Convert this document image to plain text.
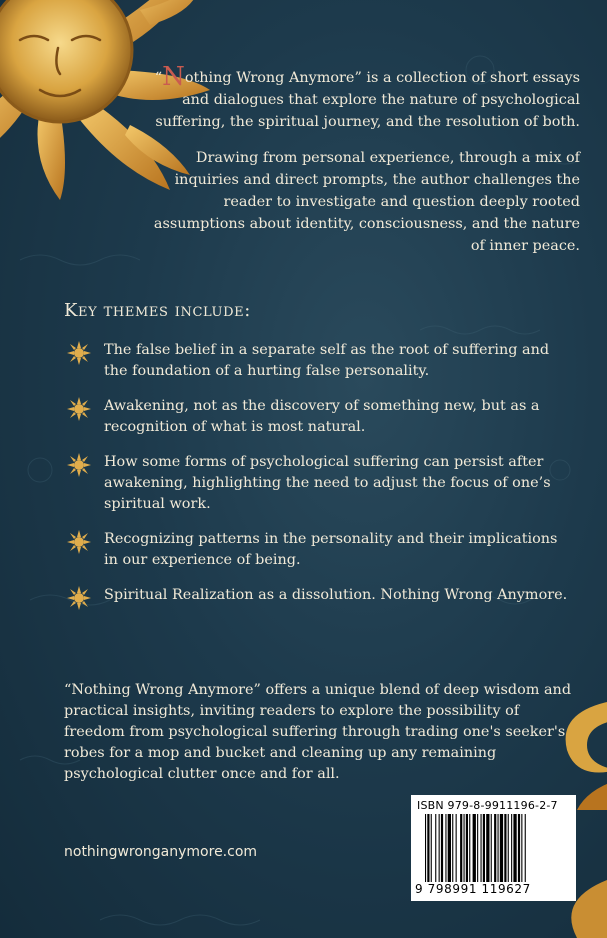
“Nothing Wrong Anymore” is a collection of short essays and dialogues that explore the nature of psychological suffering, the spiritual journey, and the resolution of both.

Drawing from personal experience, through a mix of inquiries and direct prompts, the author challenges the reader to investigate and question deeply rooted assumptions about identity, consciousness, and the nature of inner peace.

Key themes include:
The false belief in a separate self as the root of suffering and the foundation of a hurting false personality.
Awakening, not as the discovery of something new, but as a recognition of what is most natural.
How some forms of psychological suffering can persist after awakening, highlighting the need to adjust the focus of one’s spiritual work.
Recognizing patterns in the personality and their implications in our experience of being.
Spiritual Realization as a dissolution. Nothing Wrong Anymore.

“Nothing Wrong Anymore” offers a unique blend of deep wisdom and practical insights, inviting readers to explore the possibility of freedom from psychological suffering through trading one's seeker's robes for a mop and bucket and cleaning up any remaining psychological clutter once and for all.

nothingwronganymore.com
ISBN 979-8-9911196-2-7
9 798991 119627
